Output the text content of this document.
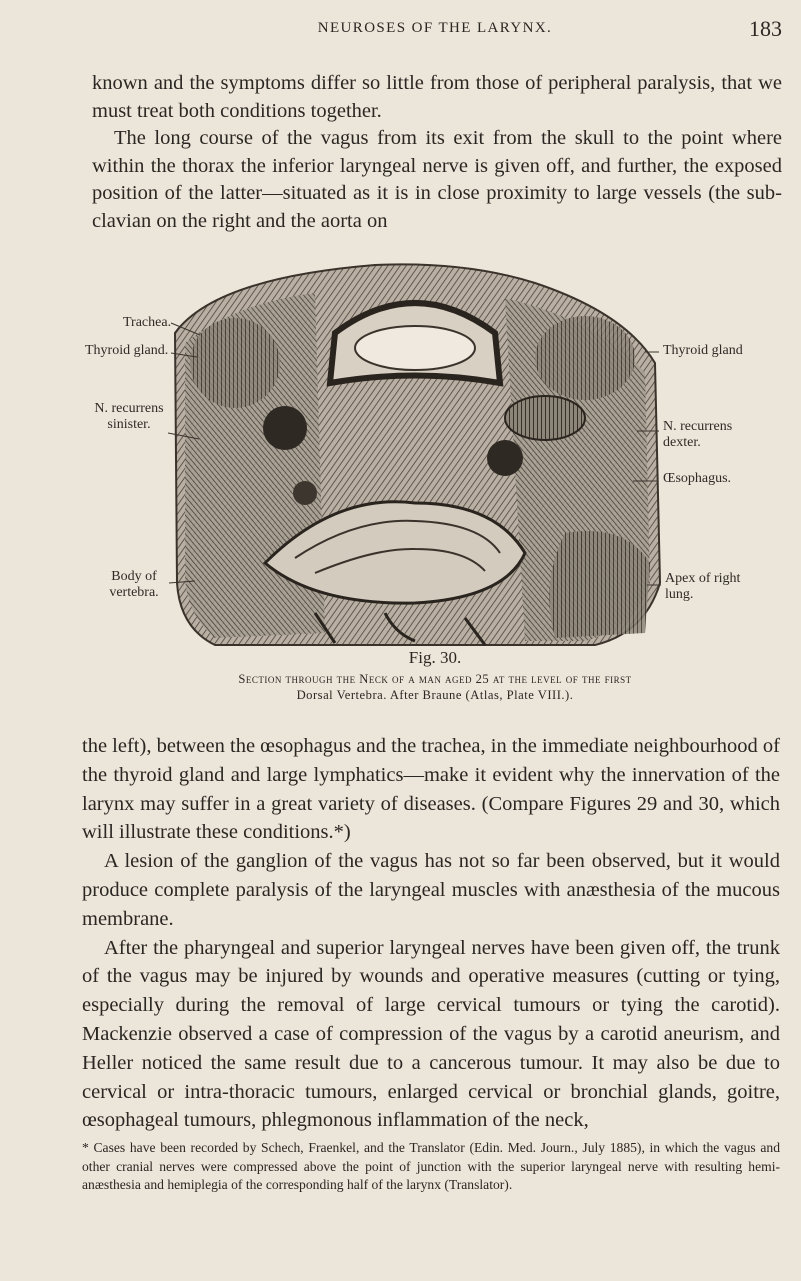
NEUROSES OF THE LARYNX.	183

known and the symptoms differ so little from those of peripheral paralysis, that we must treat both conditions together.
The long course of the vagus from its exit from the skull to the point where within the thorax the inferior laryngeal nerve is given off, and further, the exposed position of the latter—situated as it is in close proximity to large vessels (the sub-clavian on the right and the aorta on

Trachea.
Thyroid gland.
N. recurrens sinister.
Body of vertebra.
Thyroid gland
N. recurrens dexter.
Œsophagus.
Apex of right lung.
Fig. 30.
Section through the Neck of a man aged 25 at the level of the first
Dorsal Vertebra. After Braune (Atlas, Plate VIII.).

the left), between the œsophagus and the trachea, in the immediate neighbourhood of the thyroid gland and large lymphatics—make it evident why the innervation of the larynx may suffer in a great variety of diseases. (Compare Figures 29 and 30, which will illustrate these conditions.*)
A lesion of the ganglion of the vagus has not so far been observed, but it would produce complete paralysis of the laryngeal muscles with anæsthesia of the mucous membrane.
After the pharyngeal and superior laryngeal nerves have been given off, the trunk of the vagus may be injured by wounds and operative measures (cutting or tying, especially during the removal of large cervical tumours or tying the carotid). Mackenzie observed a case of compression of the vagus by a carotid aneurism, and Heller noticed the same result due to a cancerous tumour. It may also be due to cervical or intra-thoracic tumours, enlarged cervical or bronchial glands, goitre, œsophageal tumours, phlegmonous inflammation of the neck,

* Cases have been recorded by Schech, Fraenkel, and the Translator (Edin. Med. Journ., July 1885), in which the vagus and other cranial nerves were compressed above the point of junction with the superior laryngeal nerve with resulting hemi-anæsthesia and hemiplegia of the corresponding half of the larynx (Translator).
